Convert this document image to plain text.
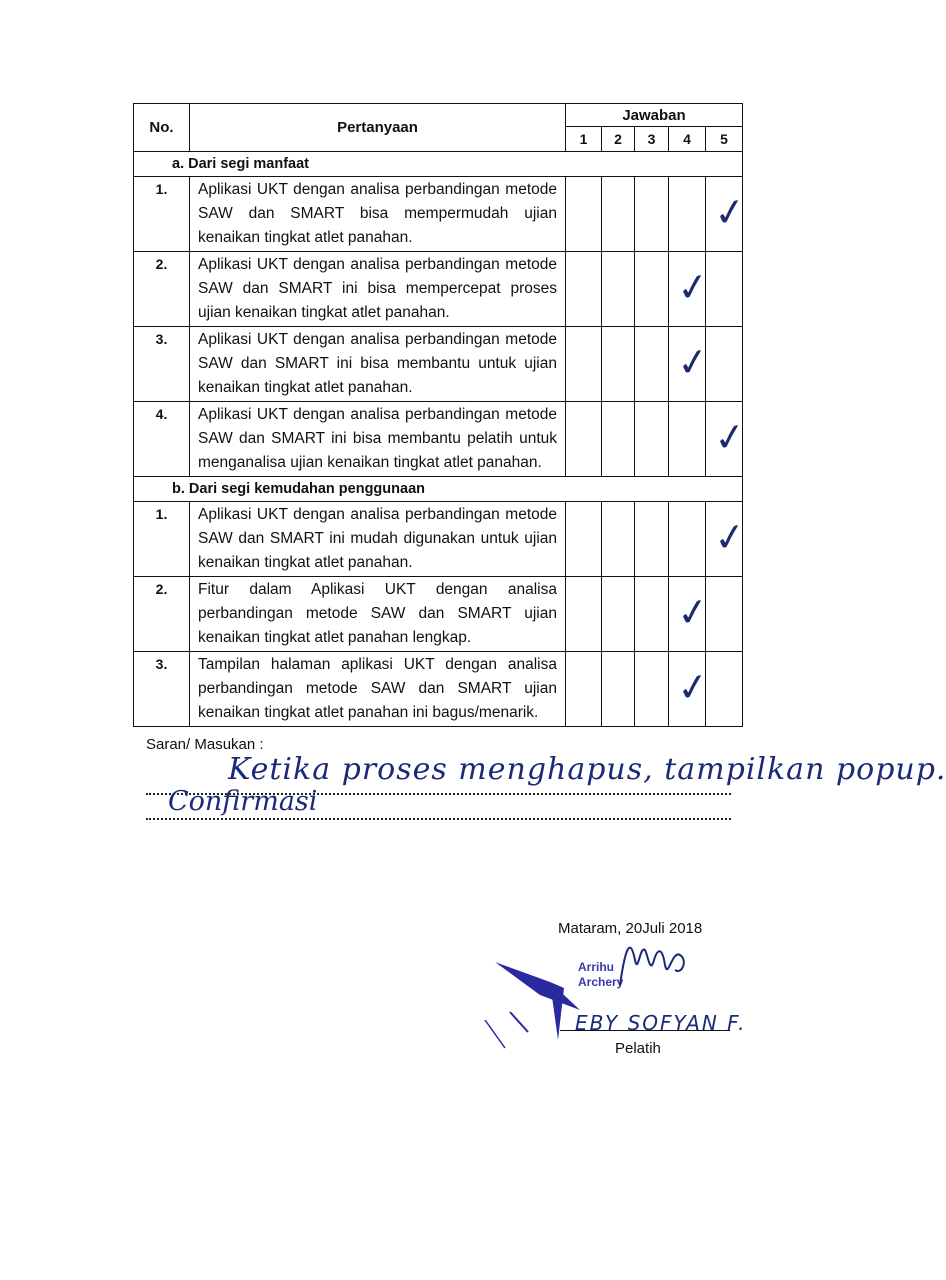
No.	Pertanyaan	Jawaban				
		1	2	3	4	5
a. Dari segi manfaat						
1.	Aplikasi UKT dengan analisa perbandingan metode SAW dan SMART bisa mempermudah ujian kenaikan tingkat atlet panahan.					✓

2.	Aplikasi UKT dengan analisa perbandingan metode SAW dan SMART ini bisa mempercepat proses ujian kenaikan tingkat atlet panahan.				✓	

3.	Aplikasi UKT dengan analisa perbandingan metode SAW dan SMART ini bisa membantu untuk ujian kenaikan tingkat atlet panahan.				✓	

4.	Aplikasi UKT dengan analisa perbandingan metode SAW dan SMART ini bisa membantu pelatih untuk menganalisa ujian kenaikan tingkat atlet panahan.					✓

b. Dari segi kemudahan penggunaan						
1.	Aplikasi UKT dengan analisa perbandingan metode SAW dan SMART ini mudah digunakan untuk ujian kenaikan tingkat atlet panahan.					✓

2.	Fitur dalam Aplikasi UKT dengan analisa perbandingan metode SAW dan SMART ujian kenaikan tingkat atlet panahan lengkap.				✓	

3.	Tampilan halaman aplikasi UKT dengan analisa perbandingan metode SAW dan SMART ujian kenaikan tingkat atlet panahan ini bagus/menarik.				✓	

Saran/ Masukan :
Ketika proses menghapus, tampilkan popup.
Confirmasi
Mataram, 20Juli 2018
Arrihu
Archery
EBY SOFYAN F.
Pelatih
